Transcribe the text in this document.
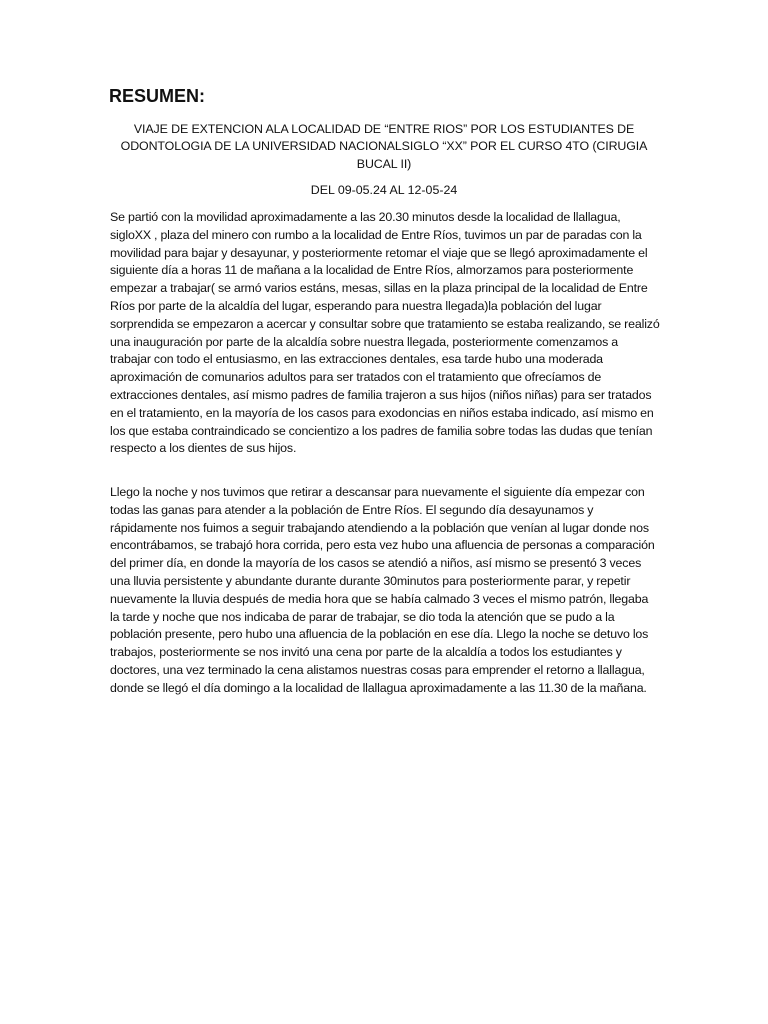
RESUMEN:

VIAJE DE EXTENCION ALA LOCALIDAD DE “ENTRE RIOS” POR LOS ESTUDIANTES DE ODONTOLOGIA DE LA UNIVERSIDAD NACIONALSIGLO “XX” POR EL CURSO 4TO (CIRUGIA BUCAL II)

DEL 09-05.24 AL 12-05-24

Se partió con la movilidad aproximadamente a las 20.30 minutos desde la localidad de llallagua, sigloXX , plaza del minero con rumbo a la localidad de Entre Ríos, tuvimos un par de paradas con la movilidad para bajar y desayunar, y posteriormente retomar el viaje que se llegó aproximadamente el siguiente día a horas 11 de mañana a la localidad de Entre Ríos, almorzamos para posteriormente empezar a trabajar( se armó varios estáns, mesas, sillas en la plaza principal de la localidad de Entre Ríos por parte de la alcaldía del lugar, esperando para nuestra llegada)la población del lugar sorprendida se empezaron a acercar y consultar sobre que tratamiento se estaba realizando, se realizó una inauguración por parte de la alcaldía sobre nuestra llegada, posteriormente comenzamos a trabajar con todo el entusiasmo, en las extracciones dentales, esa tarde hubo una moderada aproximación de comunarios adultos para ser tratados con el tratamiento que ofrecíamos de extracciones dentales, así mismo padres de familia trajeron a sus hijos (niños niñas) para ser tratados en el tratamiento, en la mayoría de los casos para exodoncias en niños estaba indicado, así mismo en los que estaba contraindicado se concientizo a los padres de familia sobre todas las dudas que tenían respecto a los dientes de sus hijos.

Llego la noche y nos tuvimos que retirar a descansar para nuevamente el siguiente día empezar con todas las ganas para atender a la población de Entre Ríos. El segundo día desayunamos y rápidamente nos fuimos a seguir trabajando atendiendo a la población que venían al lugar donde nos encontrábamos, se trabajó hora corrida, pero esta vez hubo una afluencia de personas a comparación del primer día, en donde la mayoría de los casos se atendió a niños, así mismo se presentó 3 veces una lluvia persistente y abundante durante durante 30minutos para posteriormente parar, y repetir nuevamente la lluvia después de media hora que se había calmado 3 veces el mismo patrón, llegaba la tarde y noche que nos indicaba de parar de trabajar, se dio toda la atención que se pudo a la población presente, pero hubo una afluencia de la población en ese día. Llego la noche se detuvo los trabajos, posteriormente se nos invitó una cena por parte de la alcaldía a todos los estudiantes y doctores, una vez terminado la cena alistamos nuestras cosas para emprender el retorno a llallagua, donde se llegó el día domingo a la localidad de llallagua aproximadamente a las 11.30 de la mañana.
